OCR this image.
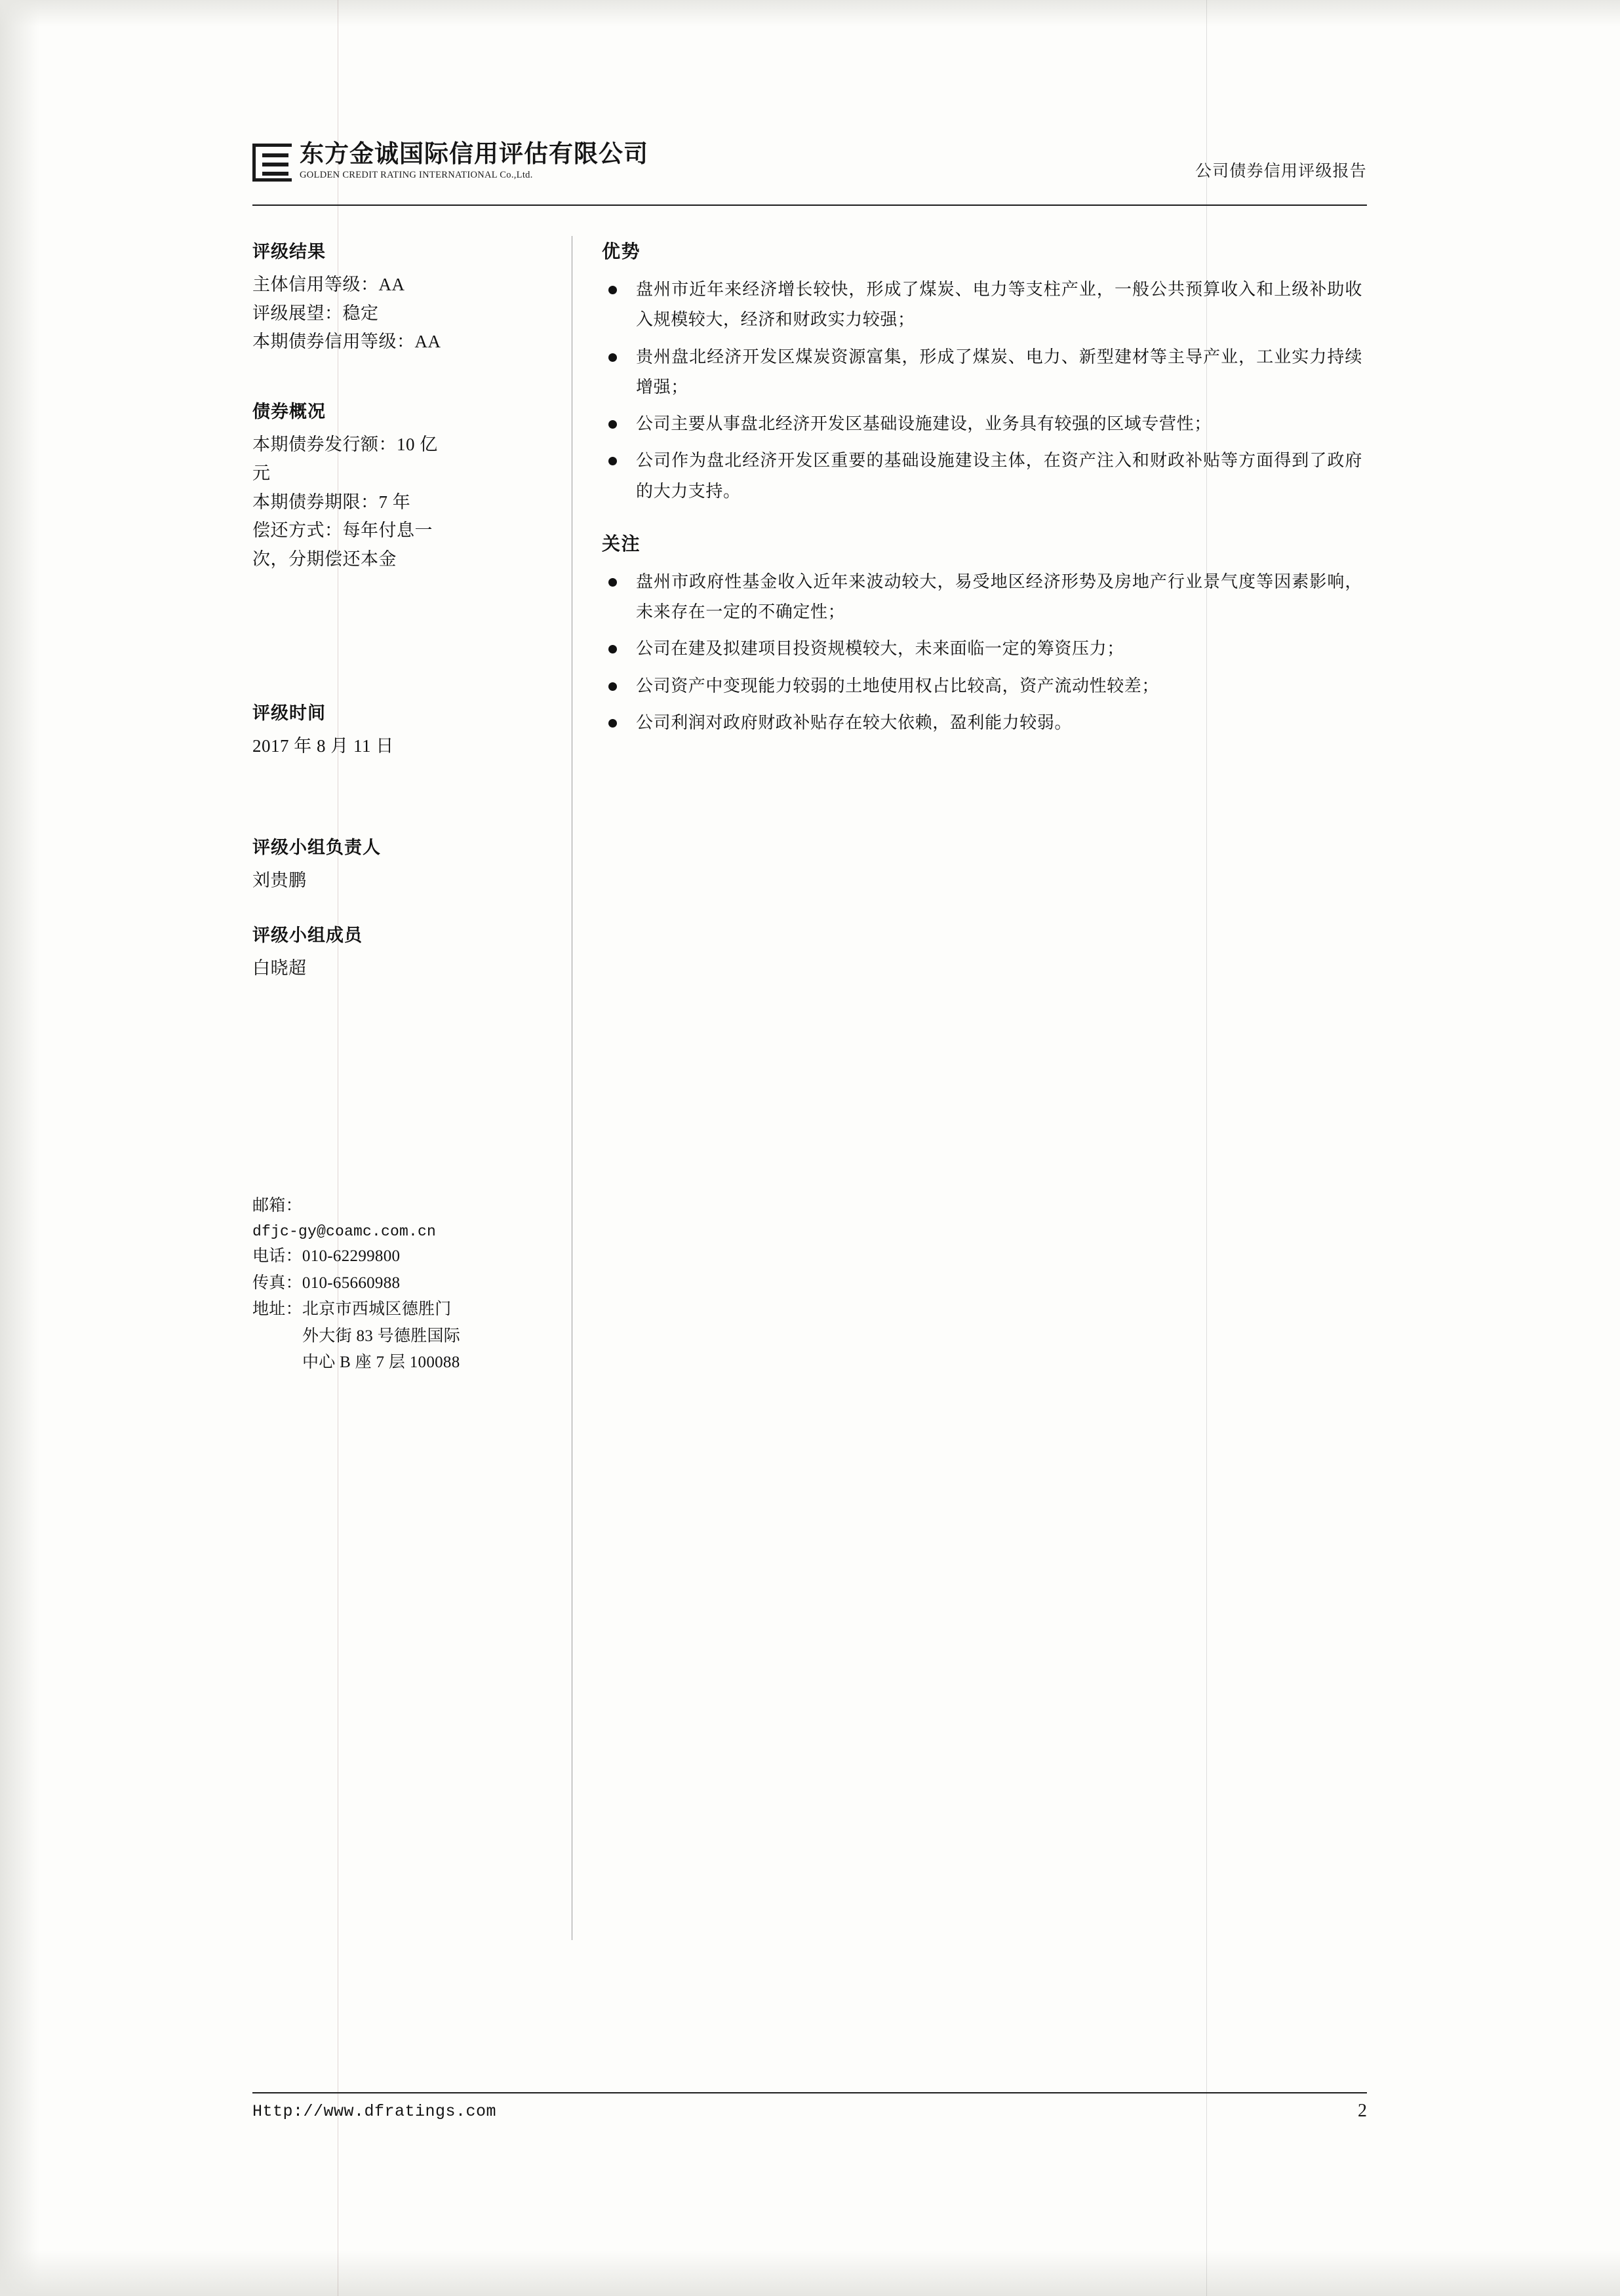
东方金诚国际信用评估有限公司
GOLDEN CREDIT RATING INTERNATIONAL Co.,Ltd.	公司债券信用评级报告
评级结果
主体信用等级：AA
评级展望：稳定
本期债券信用等级：AA
债券概况
本期债券发行额：10 亿
元
本期债券期限：7 年
偿还方式：每年付息一
次，分期偿还本金
评级时间
2017 年 8 月 11 日
评级小组负责人
刘贵鹏
评级小组成员
白晓超
邮箱：
dfjc-gy@coamc.com.cn
电话：010-62299800
传真：010-65660988
地址：北京市西城区德胜门
外大街 83 号德胜国际
中心 B 座 7 层 100088
优势
盘州市近年来经济增长较快，形成了煤炭、电力等支柱产业，一般公共预算收入和上级补助收入规模较大，经济和财政实力较强；
贵州盘北经济开发区煤炭资源富集，形成了煤炭、电力、新型建材等主导产业，工业实力持续增强；
公司主要从事盘北经济开发区基础设施建设，业务具有较强的区域专营性；
公司作为盘北经济开发区重要的基础设施建设主体，在资产注入和财政补贴等方面得到了政府的大力支持。
关注
盘州市政府性基金收入近年来波动较大，易受地区经济形势及房地产行业景气度等因素影响，未来存在一定的不确定性；
公司在建及拟建项目投资规模较大，未来面临一定的筹资压力；
公司资产中变现能力较弱的土地使用权占比较高，资产流动性较差；
公司利润对政府财政补贴存在较大依赖，盈利能力较弱。
Http://www.dfratings.com	2
